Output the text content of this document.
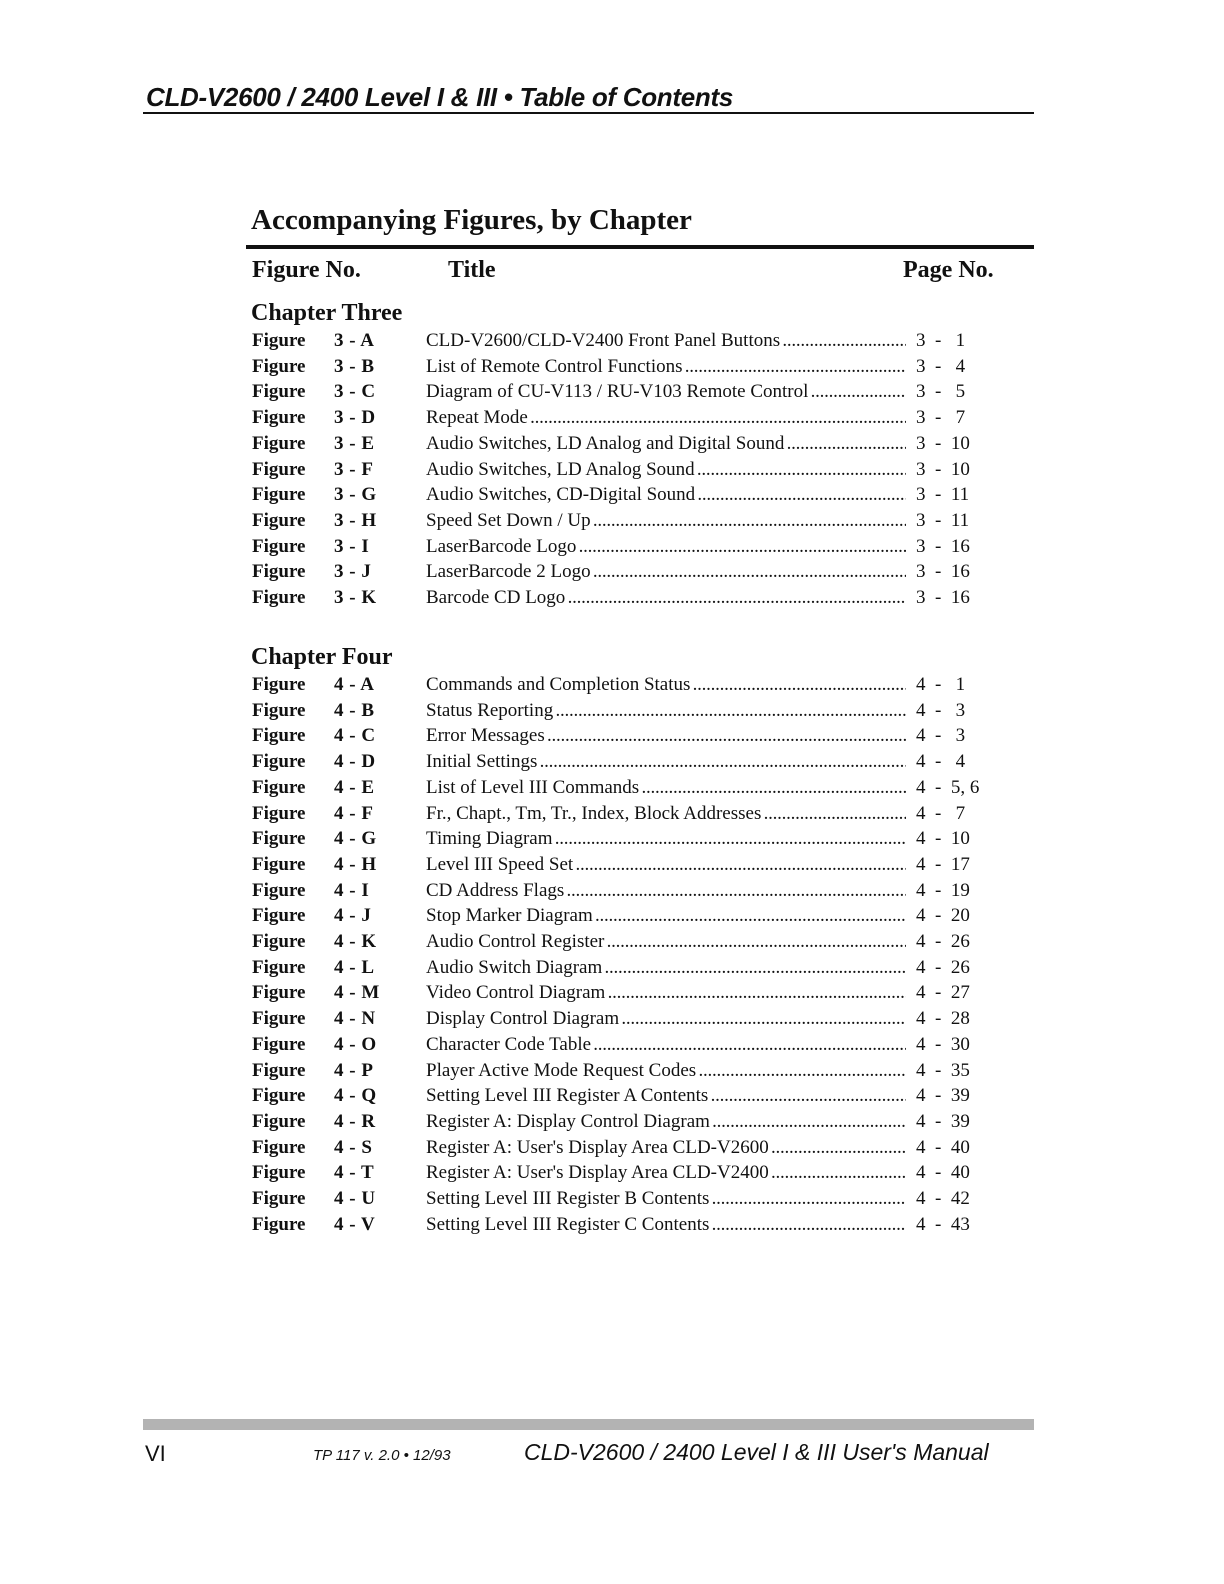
CLD-V2600 / 2400 Level I & III • Table of Contents
Accompanying Figures, by Chapter
Figure No.	Title	Page No.
Chapter Three
Figure 3 - A	CLD-V2600/CLD-V2400 Front Panel Buttons . . .	3  -   1
Figure 3 - B	List of Remote Control Functions . . .	3  -   4
Figure 3 - C	Diagram of CU-V113 / RU-V103 Remote Control . . .	3  -   5
Figure 3 - D	Repeat Mode . . .	3  -   7
Figure 3 - E	Audio Switches, LD Analog and Digital Sound . . .	3  -  10
Figure 3 - F	Audio Switches, LD Analog Sound . . .	3  -  10
Figure 3 - G	Audio Switches, CD-Digital Sound . . .	3  -  11
Figure 3 - H	Speed Set Down / Up . . .	3  -  11
Figure 3 - I	LaserBarcode Logo . . .	3  -  16
Figure 3 - J	LaserBarcode 2 Logo . . .	3  -  16
Figure 3 - K	Barcode CD Logo . . .	3  -  16
Chapter Four
Figure 4 - A	Commands and Completion Status . . .	4  -   1
Figure 4 - B	Status Reporting . . .	4  -   3
Figure 4 - C	Error Messages . . .	4  -   3
Figure 4 - D	Initial Settings . . .	4  -   4
Figure 4 - E	List of Level III Commands . . .	4  -  5, 6
Figure 4 - F	Fr., Chapt., Tm, Tr., Index, Block Addresses . . .	4  -   7
Figure 4 - G	Timing Diagram . . .	4  -  10
Figure 4 - H	Level III Speed Set . . .	4  -  17
Figure 4 - I	CD Address Flags . . .	4  -  19
Figure 4 - J	Stop Marker Diagram . . .	4  -  20
Figure 4 - K	Audio Control Register . . .	4  -  26
Figure 4 - L	Audio Switch Diagram . . .	4  -  26
Figure 4 - M Video Control Diagram . . .	4  -  27
Figure 4 - N	Display Control Diagram . . .	4  -  28
Figure 4 - O	Character Code Table . . .	4  -  30
Figure 4 - P	Player Active Mode Request Codes . . .	4  -  35
Figure 4 - Q	Setting Level III Register A Contents . . .	4  -  39
Figure 4 - R	Register A: Display Control Diagram . . .	4  -  39
Figure 4 - S	Register A: User's Display Area CLD-V2600 . . .	4  -  40
Figure 4 - T	Register A: User's Display Area CLD-V2400 . . .	4  -  40
Figure 4 - U	Setting Level III Register B Contents . . .	4  -  42
Figure 4 - V	Setting Level III Register C Contents . . .	4  -  43
VI	TP 117 v. 2.0 • 12/93	CLD-V2600 / 2400 Level I & III User's Manual
